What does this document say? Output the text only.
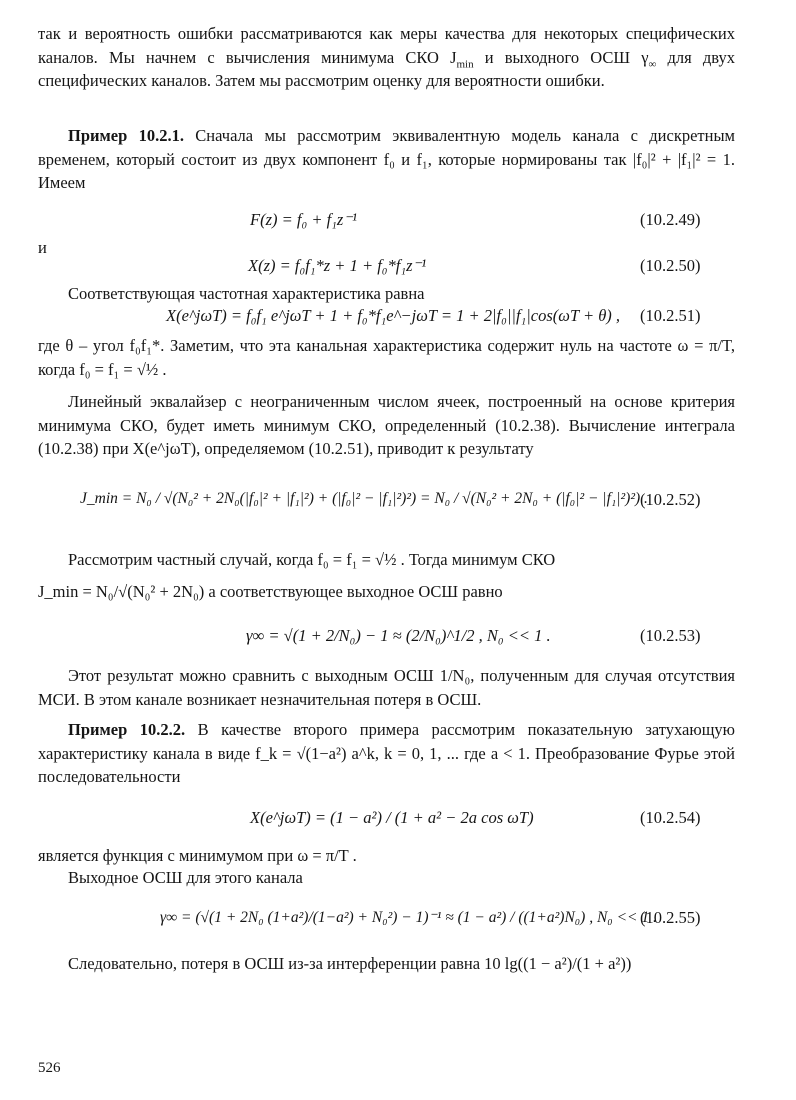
так и вероятность ошибки рассматриваются как меры качества для некоторых специфических каналов. Мы начнем с вычисления минимума СКО $J_{min}$ и выходного ОСШ $\gamma_\infty$ для двух специфических каналов. Затем мы рассмотрим оценку для вероятности ошибки.

Пример 10.2.1. Сначала мы рассмотрим эквивалентную модель канала с дискретным временем, который состоит из двух компонент f₀ и f₁, которые нормированы так |f₀|² + |f₁|² = 1. Имеем

F(z) = f₀ + f₁z⁻¹	(10.2.49)

и

X(z) = f₀f₁*z + 1 + f₀*f₁z⁻¹	(10.2.50)

Соответствующая частотная характеристика равна

X(e^jωT) = f₀f₁ e^jωT + 1 + f₀*f₁e^−jωT = 1 + 2|f₀||f₁|cos(ωT + θ) , (10.2.51)

где θ – угол f₀f₁*. Заметим, что эта канальная характеристика содержит нуль на частоте ω = π/T, когда f₀ = f₁ = √½ .

Линейный эквалайзер с неограниченным числом ячеек, построенный на основе критерия минимума СКО, будет иметь минимум СКО, определенный (10.2.38). Вычисление интеграла (10.2.38) при X(e^jωT), определяемом (10.2.51), приводит к результату

J_min = N₀ / √(N₀² + 2N₀(|f₀|² + |f₁|²) + (|f₀|² − |f₁|²)²) = N₀ / √(N₀² + 2N₀ + (|f₀|² − |f₁|²)²) .
(10.2.52)

Рассмотрим частный случай, когда f₀ = f₁ = √½ . Тогда минимум СКО

J_min = N₀/√(N₀² + 2N₀) а соответствующее выходное ОСШ равно

γ∞ = √(1 + 2/N₀) − 1 ≈ (2/N₀)^1/2 , N₀ << 1 .	(10.2.53)

Этот результат можно сравнить с выходным ОСШ 1/N₀, полученным для случая отсутствия МСИ. В этом канале возникает незначительная потеря в ОСШ.

Пример 10.2.2. В качестве второго примера рассмотрим показательную затухающую характеристику канала в виде f_k = √(1−a²) a^k, k = 0, 1, ... где a < 1. Преобразование Фурье этой последовательности

X(e^jωT) = (1 − a²) / (1 + a² − 2a cos ωT)	(10.2.54)

является функция с минимумом при ω = π/T .

Выходное ОСШ для этого канала

γ∞ = (√(1 + 2N₀ (1+a²)/(1−a²) + N₀²) − 1)⁻¹ ≈ (1 − a²) / ((1+a²)N₀) , N₀ << 1 .
(10.2.55)

Следовательно, потеря в ОСШ из-за интерференции равна 10 lg((1 − a²)/(1 + a²))

526
